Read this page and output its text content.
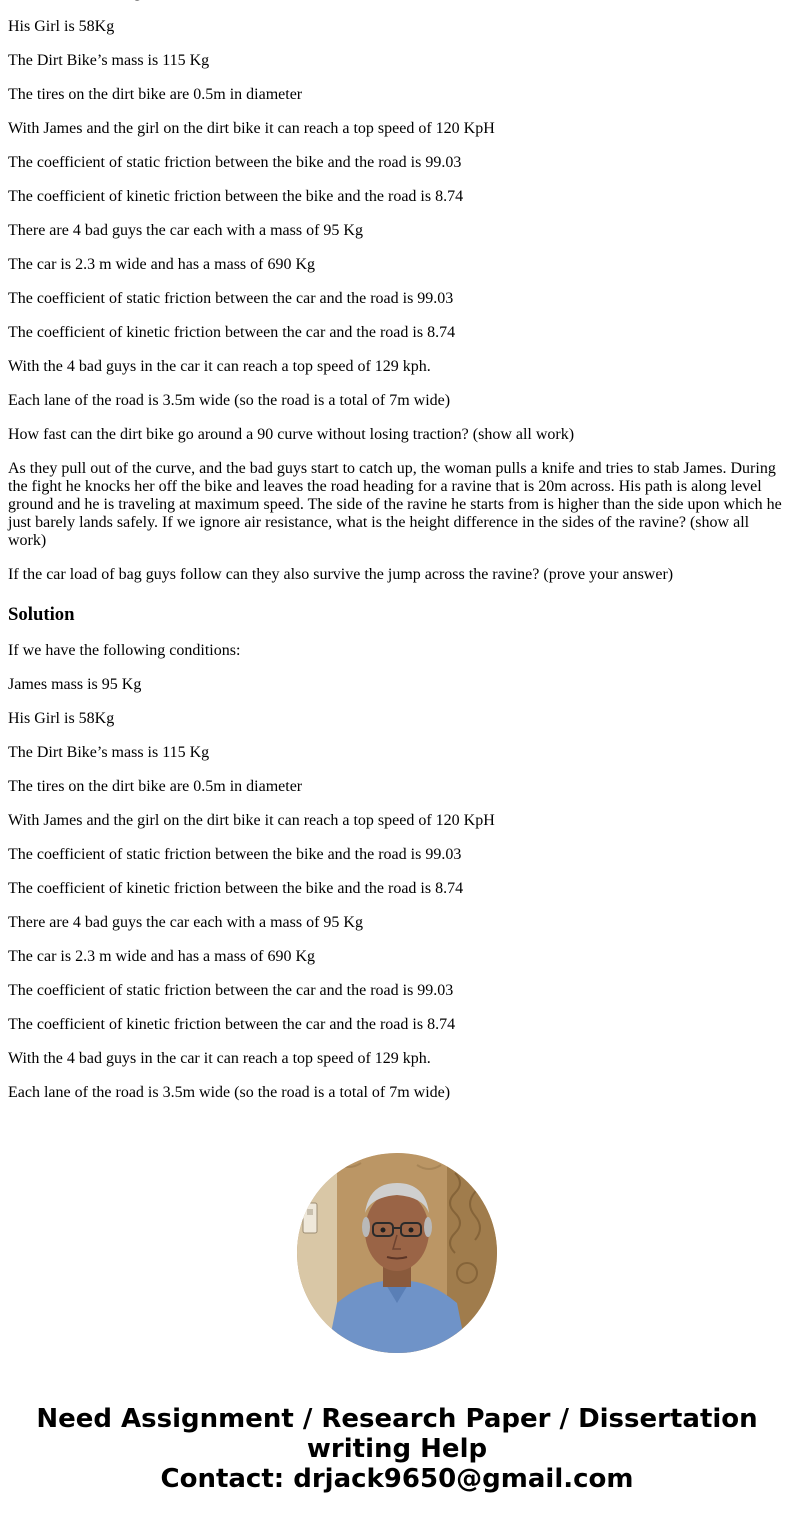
His Girl is 58Kg

The Dirt Bike’s mass is 115 Kg

The tires on the dirt bike are 0.5m in diameter

With James and the girl on the dirt bike it can reach a top speed of 120 KpH

The coefficient of static friction between the bike and the road is 99.03

The coefficient of kinetic friction between the bike and the road is 8.74

There are 4 bad guys the car each with a mass of 95 Kg

The car is 2.3 m wide and has a mass of 690 Kg

The coefficient of static friction between the car and the road is 99.03

The coefficient of kinetic friction between the car and the road is 8.74

With the 4 bad guys in the car it can reach a top speed of 129 kph.

Each lane of the road is 3.5m wide (so the road is a total of 7m wide)

How fast can the dirt bike go around a 90 curve without losing traction? (show all work)

As they pull out of the curve, and the bad guys start to catch up, the woman pulls a knife and tries to stab James. During the fight he knocks her off the bike and leaves the road heading for a ravine that is 20m across. His path is along level ground and he is traveling at maximum speed. The side of the ravine he starts from is higher than the side upon which he just barely lands safely. If we ignore air resistance, what is the height difference in the sides of the ravine? (show all work)

If the car load of bag guys follow can they also survive the jump across the ravine? (prove your answer)

Solution

If we have the following conditions:

James mass is 95 Kg

His Girl is 58Kg

The Dirt Bike’s mass is 115 Kg

The tires on the dirt bike are 0.5m in diameter

With James and the girl on the dirt bike it can reach a top speed of 120 KpH

The coefficient of static friction between the bike and the road is 99.03

The coefficient of kinetic friction between the bike and the road is 8.74

There are 4 bad guys the car each with a mass of 95 Kg

The car is 2.3 m wide and has a mass of 690 Kg

The coefficient of static friction between the car and the road is 99.03

The coefficient of kinetic friction between the car and the road is 8.74

With the 4 bad guys in the car it can reach a top speed of 129 kph.

Each lane of the road is 3.5m wide (so the road is a total of 7m wide)

Need Assignment / Research Paper / Dissertation
writing Help
Contact: drjack9650@gmail.com
